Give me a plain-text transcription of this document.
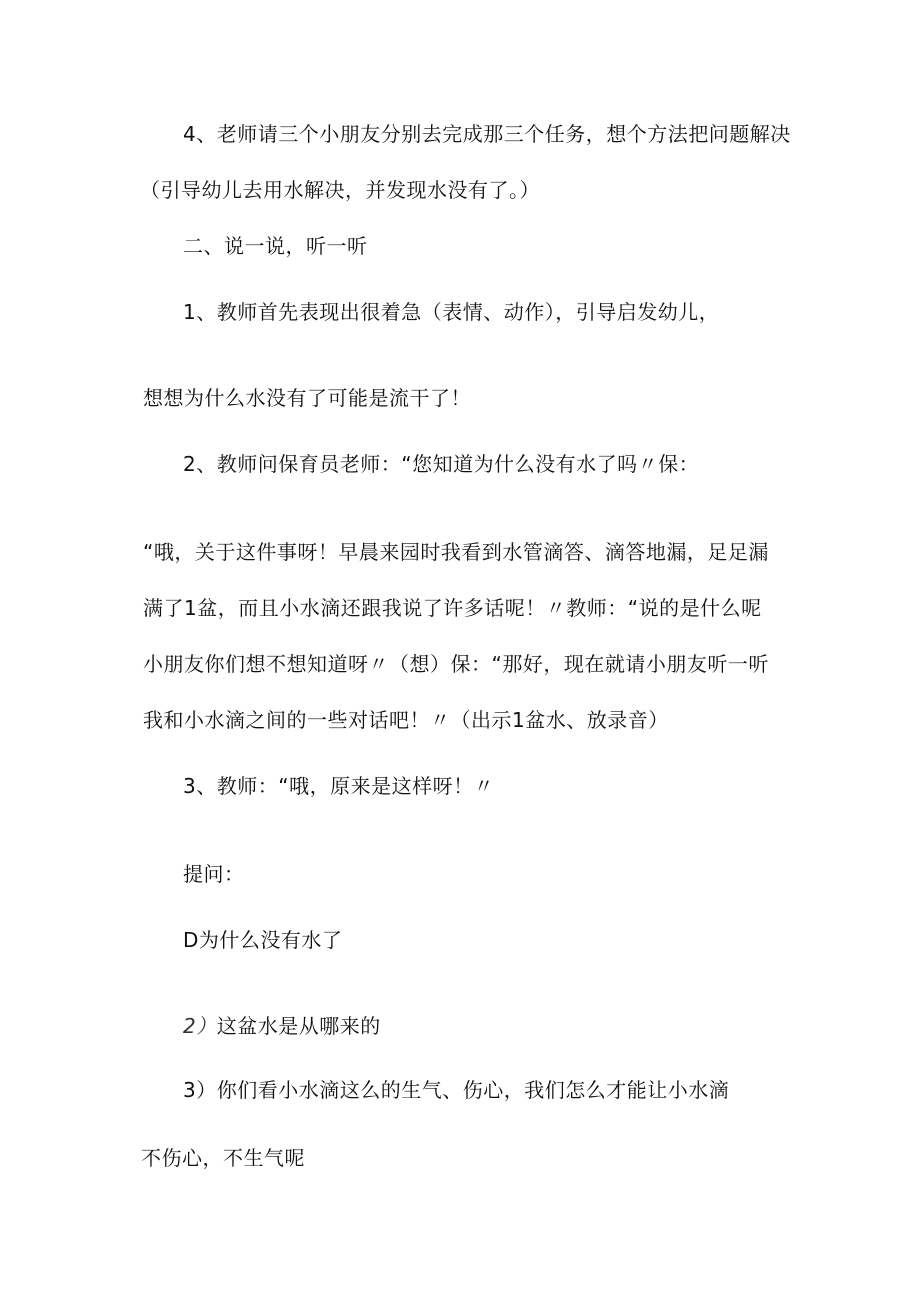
4、老师请三个小朋友分别去完成那三个任务，想个方法把问题解决
（引导幼儿去用水解决，并发现水没有了。）
二、说一说，听一听
1、教师首先表现出很着急（表情、动作），引导启发幼儿，
想想为什么水没有了可能是流干了！
2、教师问保育员老师：“您知道为什么没有水了吗〃保：
“哦，关于这件事呀！早晨来园时我看到水管滴答、滴答地漏，足足漏
满了1盆，而且小水滴还跟我说了许多话呢！〃教师：“说的是什么呢
小朋友你们想不想知道呀〃（想）保：“那好，现在就请小朋友听一听
我和小水滴之间的一些对话吧！〃（出示1盆水、放录音）
3、教师：“哦，原来是这样呀！〃
提问：
D为什么没有水了
2）这盆水是从哪来的
3）你们看小水滴这么的生气、伤心，我们怎么才能让小水滴
不伤心，不生气呢
